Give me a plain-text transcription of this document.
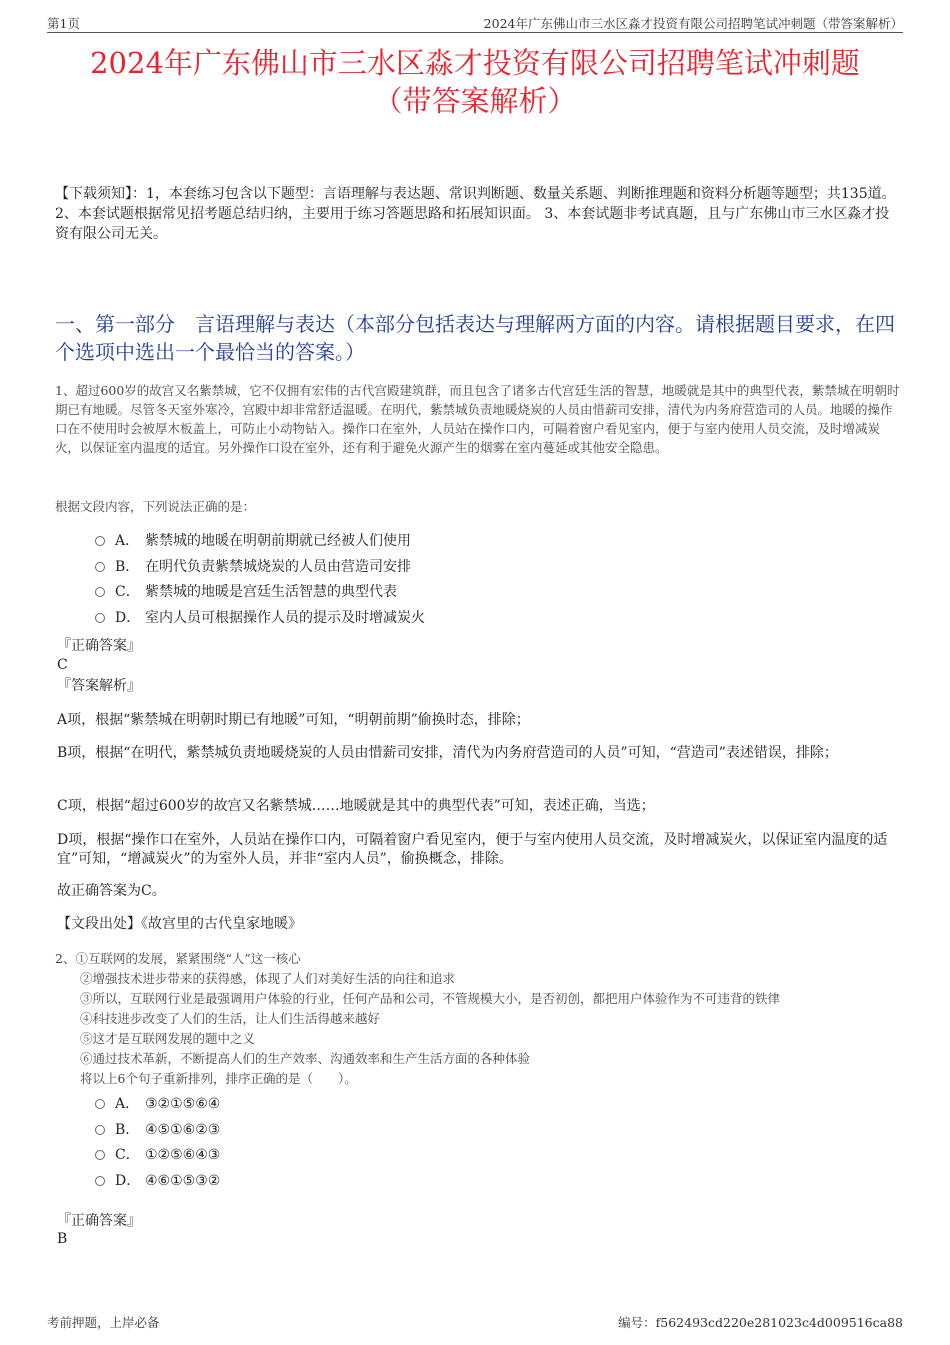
第1页	2024年广东佛山市三水区淼才投资有限公司招聘笔试冲刺题（带答案解析）
2024年广东佛山市三水区淼才投资有限公司招聘笔试冲刺题
（带答案解析）
【下载须知】：1，本套练习包含以下题型：言语理解与表达题、常识判断题、数量关系题、判断推理题和资料分析题等题型；共135道。 2、本套试题根据常见招考题总结归纳，主要用于练习答题思路和拓展知识面。 3、本套试题非考试真题，且与广东佛山市三水区淼才投资有限公司无关。
一、第一部分　言语理解与表达（本部分包括表达与理解两方面的内容。请根据题目要求，在四个选项中选出一个最恰当的答案。）
1、超过600岁的故宫又名紫禁城，它不仅拥有宏伟的古代宫殿建筑群，而且包含了诸多古代宫廷生活的智慧，地暖就是其中的典型代表，紫禁城在明朝时期已有地暖。尽管冬天室外寒冷，宫殿中却非常舒适温暖。在明代，紫禁城负责地暖烧炭的人员由惜薪司安排，清代为内务府营造司的人员。地暖的操作口在不使用时会被厚木板盖上，可防止小动物钻入。操作口在室外，人员站在操作口内，可隔着窗户看见室内，便于与室内使用人员交流，及时增减炭火，以保证室内温度的适宜。另外操作口设在室外，还有利于避免火源产生的烟雾在室内蔓延或其他安全隐患。
根据文段内容，下列说法正确的是：
A． 紫禁城的地暖在明朝前期就已经被人们使用
B． 在明代负责紫禁城烧炭的人员由营造司安排
C． 紫禁城的地暖是宫廷生活智慧的典型代表
D． 室内人员可根据操作人员的提示及时增减炭火
『正确答案』
C
『答案解析』
A项，根据“紫禁城在明朝时期已有地暖”可知，“明朝前期”偷换时态，排除；
B项，根据“在明代，紫禁城负责地暖烧炭的人员由惜薪司安排，清代为内务府营造司的人员”可知，“营造司”表述错误，排除；
C项，根据“超过600岁的故宫又名紫禁城……地暖就是其中的典型代表”可知，表述正确，当选；
D项，根据“操作口在室外，人员站在操作口内，可隔着窗户看见室内，便于与室内使用人员交流，及时增减炭火，以保证室内温度的适宜”可知，“增减炭火”的为室外人员，并非“室内人员”，偷换概念，排除。
故正确答案为C。
【文段出处】《故宫里的古代皇家地暖》
2、①互联网的发展，紧紧围绕“人”这一核心
②增强技术进步带来的获得感，体现了人们对美好生活的向往和追求
③所以，互联网行业是最强调用户体验的行业，任何产品和公司，不管规模大小，是否初创，都把用户体验作为不可违背的铁律
④科技进步改变了人们的生活，让人们生活得越来越好
⑤这才是互联网发展的题中之义
⑥通过技术革新，不断提高人们的生产效率、沟通效率和生产生活方面的各种体验
将以上6个句子重新排列，排序正确的是（　　）。
A． ③②①⑤⑥④
B． ④⑤①⑥②③
C． ①②⑤⑥④③
D． ④⑥①⑤③②
『正确答案』
B
考前押题，上岸必备	编号：f562493cd220e281023c4d009516ca88
